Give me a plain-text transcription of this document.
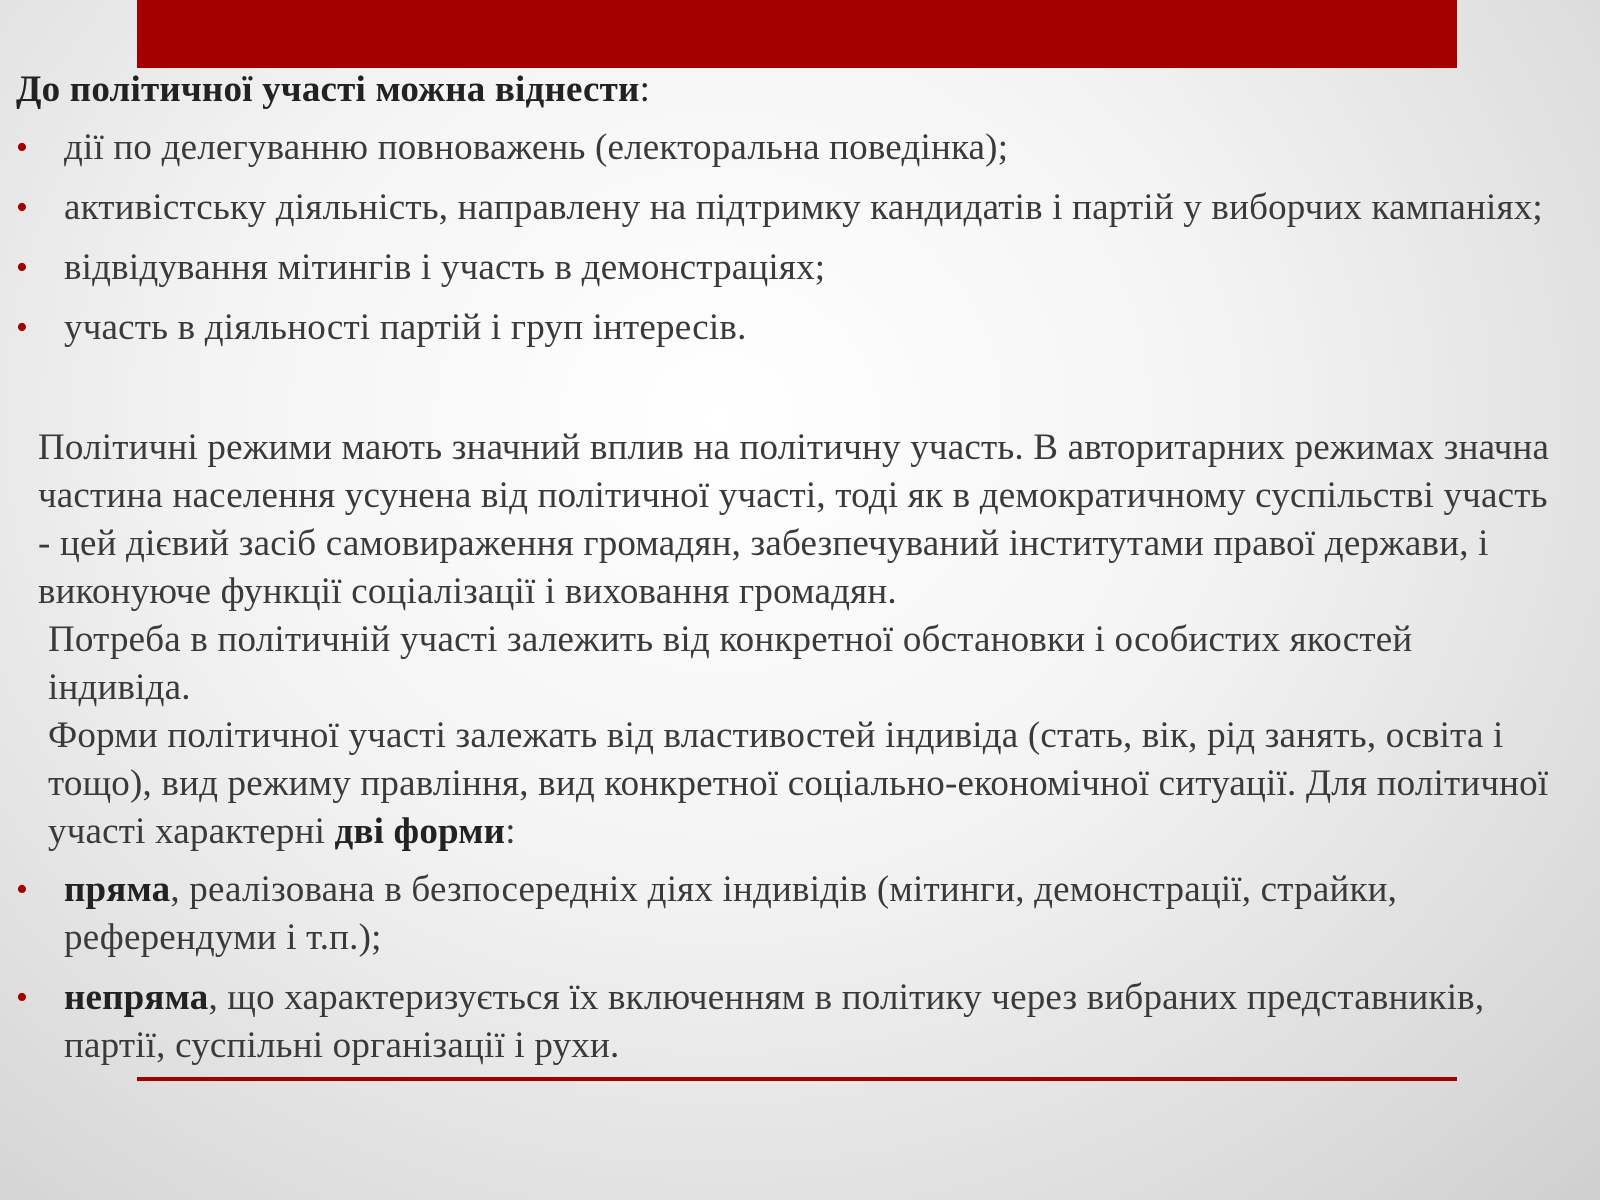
До політичної участі можна віднести:
• дії по делегуванню повноважень (електоральна поведінка);
• активістську діяльність, направлену на підтримку кандидатів і партій у виборчих кампаніях;
• відвідування мітингів і участь в демонстраціях;
• участь в діяльності партій і груп інтересів.

Політичні режими мають значний вплив на політичну участь. В авторитарних режимах значна частина населення усунена від політичної участі, тоді як в демократичному суспільстві участь - цей дієвий засіб самовираження громадян, забезпечуваний інститутами правої держави, і виконуюче функції соціалізації і виховання громадян.

Потреба в політичній участі залежить від конкретної обстановки і особистих якостей індивіда.

Форми політичної участі залежать від властивостей індивіда (стать, вік, рід занять, освіта і тощо), вид режиму правління, вид конкретної соціально-економічної ситуації. Для політичної участі характерні дві форми:

• пряма, реалізована в безпосередніх діях індивідів (мітинги, демонстрації, страйки, референдуми і т.п.);
• непряма, що характеризується їх включенням в політику через вибраних представників, партії, суспільні організації і рухи.
